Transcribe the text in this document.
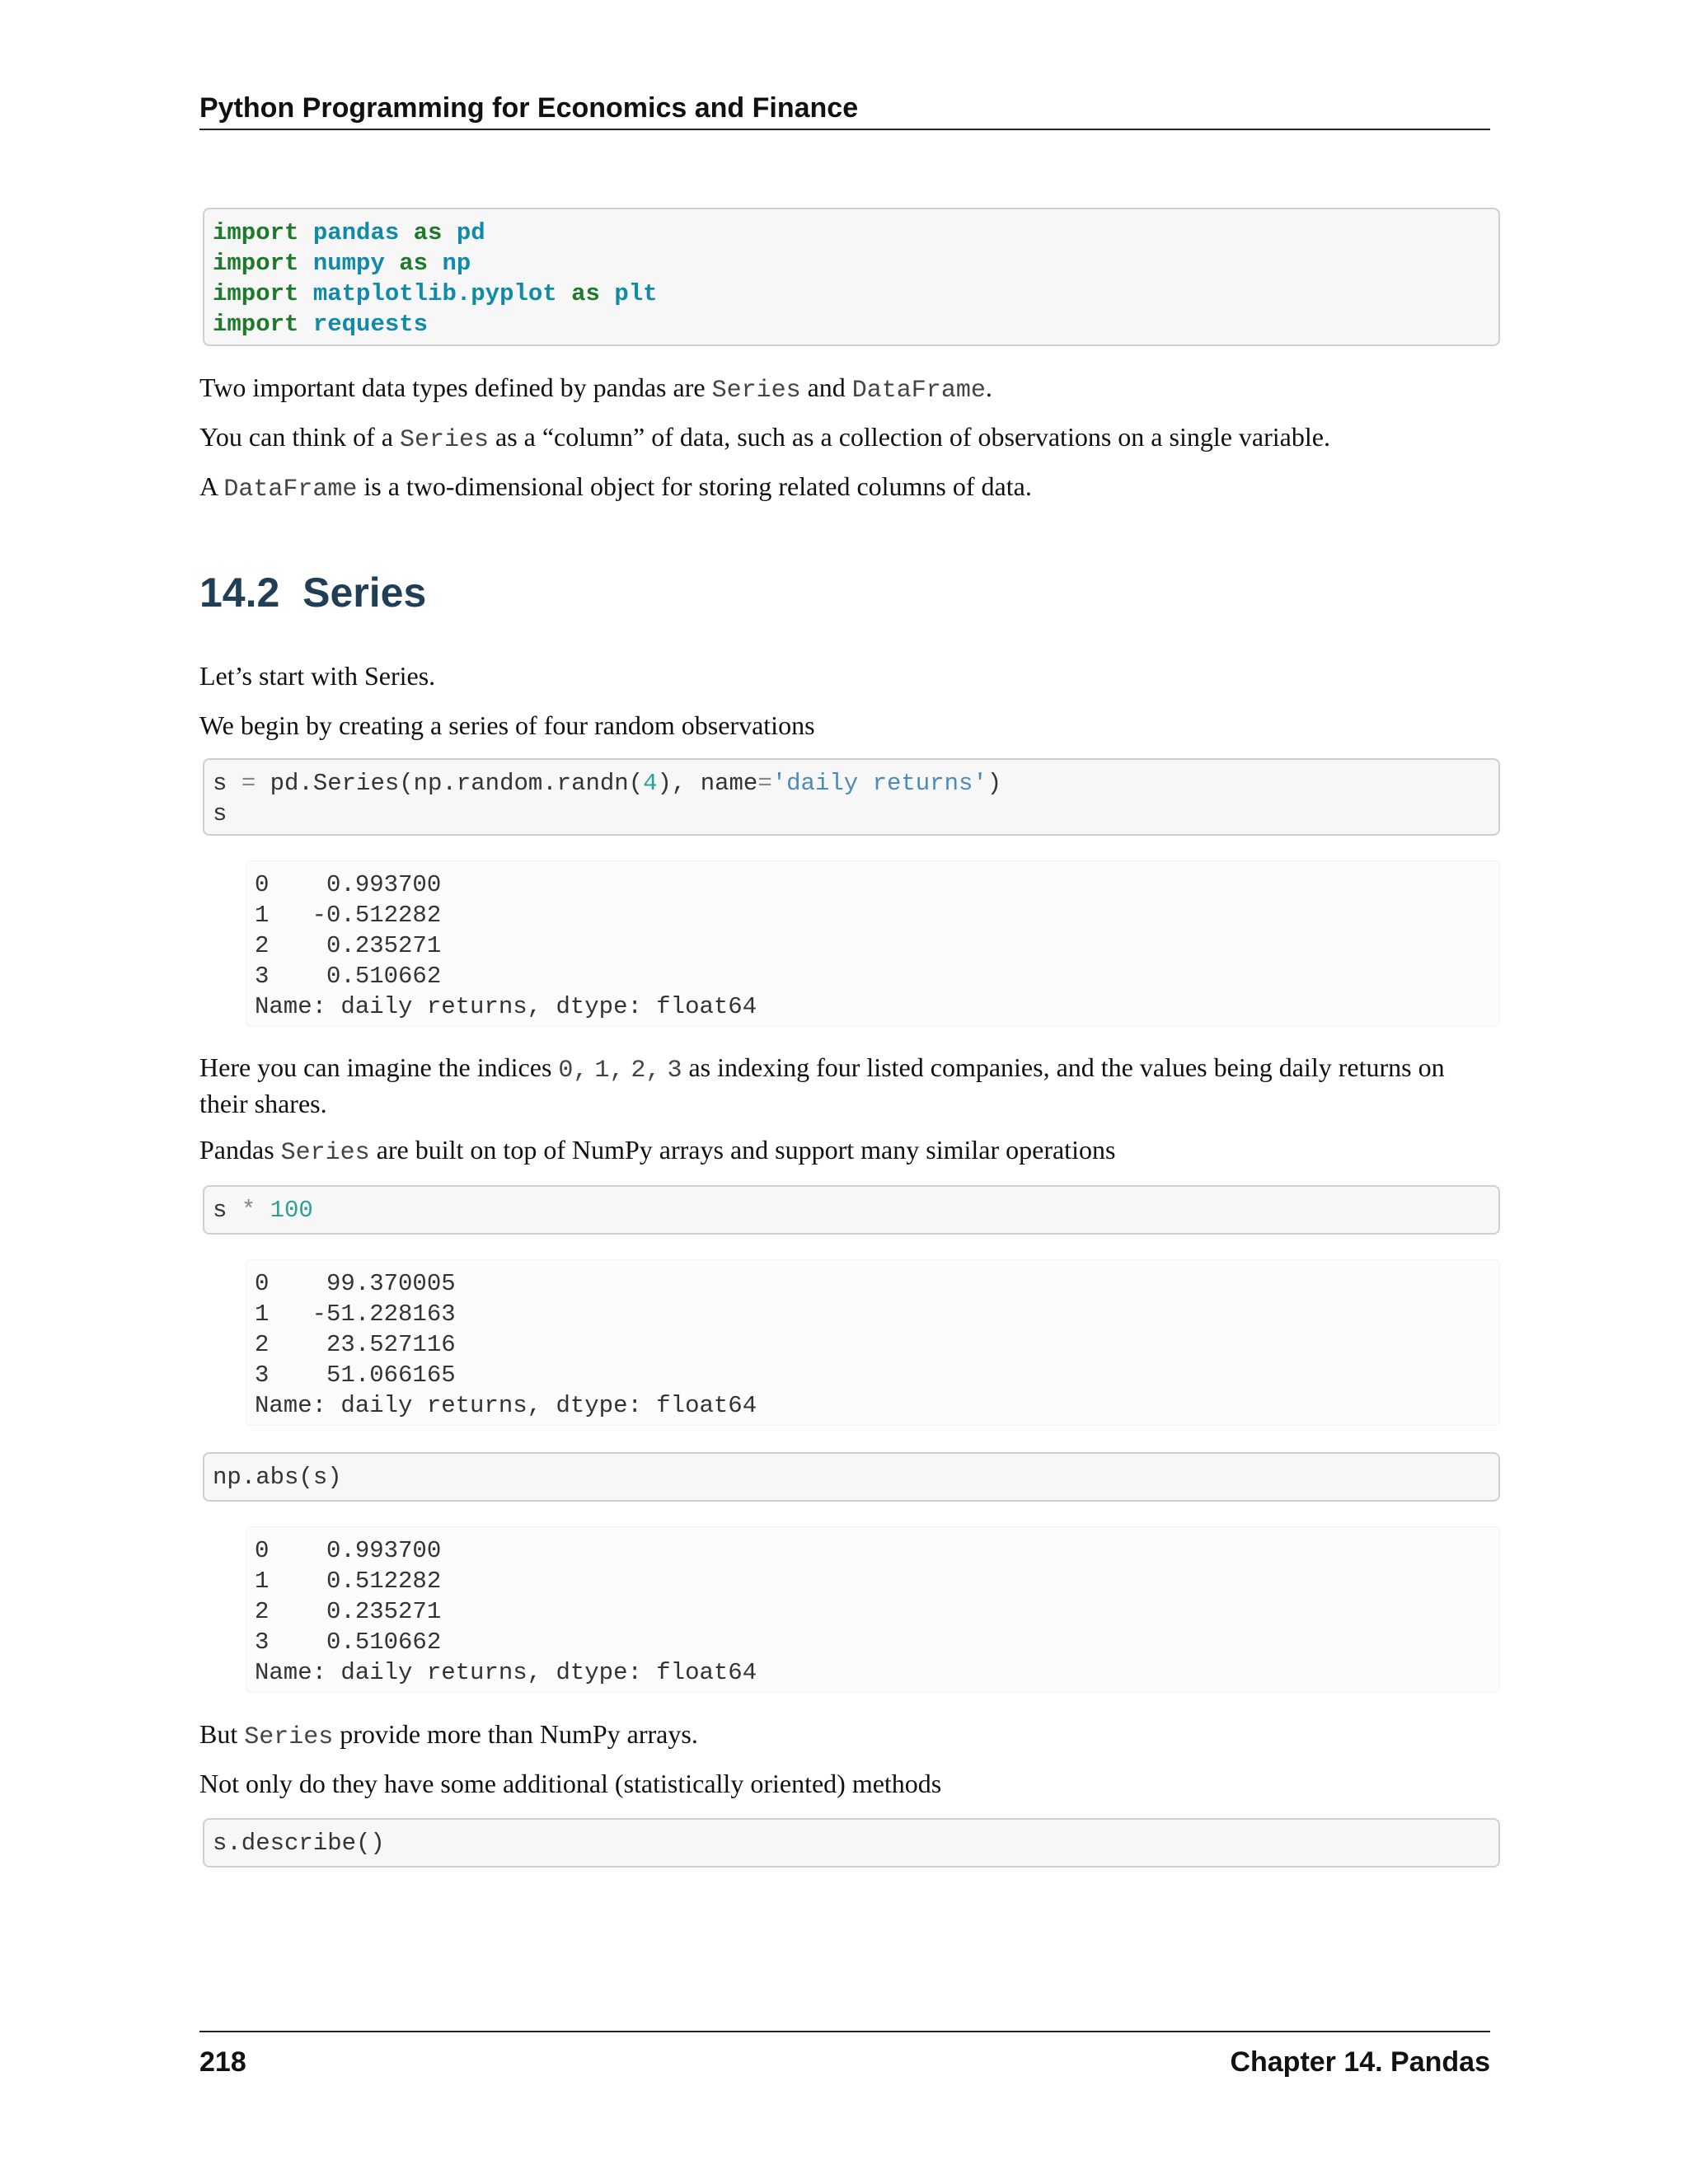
Python Programming for Economics and Finance
import pandas as pd
import numpy as np
import matplotlib.pyplot as plt
import requests
Two important data types defined by pandas are Series and DataFrame.
You can think of a Series as a “column” of data, such as a collection of observations on a single variable.
A DataFrame is a two-dimensional object for storing related columns of data.
14.2 Series
Let’s start with Series.
We begin by creating a series of four random observations
s = pd.Series(np.random.randn(4), name='daily returns')
s
0    0.993700
1   -0.512282
2    0.235271
3    0.510662
Name: daily returns, dtype: float64
Here you can imagine the indices 0, 1, 2, 3 as indexing four listed companies, and the values being daily returns on
their shares.
Pandas Series are built on top of NumPy arrays and support many similar operations
s * 100
0    99.370005
1   -51.228163
2    23.527116
3    51.066165
Name: daily returns, dtype: float64
np.abs(s)
0    0.993700
1    0.512282
2    0.235271
3    0.510662
Name: daily returns, dtype: float64
But Series provide more than NumPy arrays.
Not only do they have some additional (statistically oriented) methods
s.describe()
218	Chapter 14. Pandas
